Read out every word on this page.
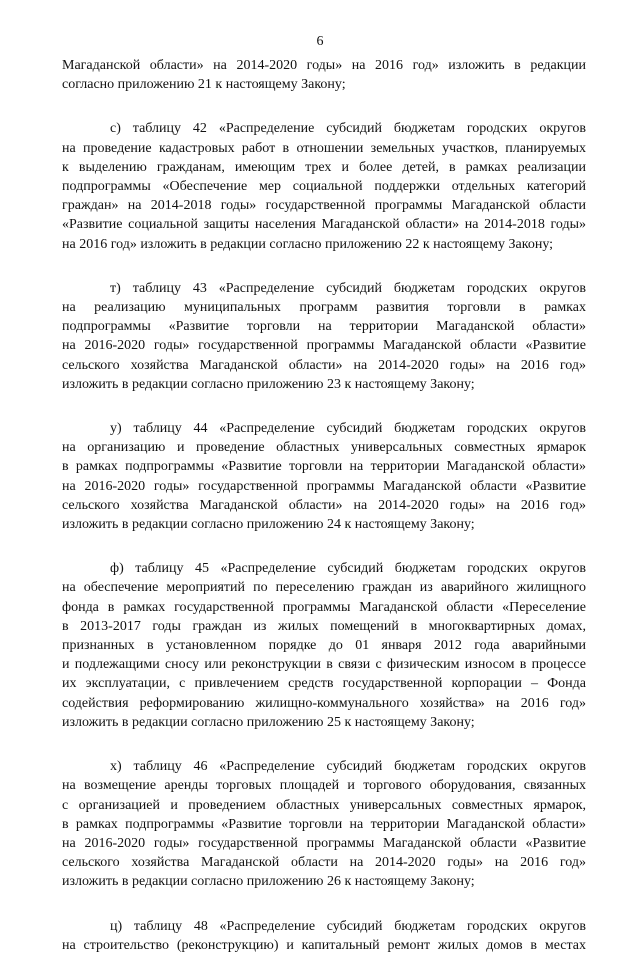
6
Магаданской области» на 2014-2020 годы» на 2016 год» изложить в редакции
согласно приложению 21 к настоящему Закону;
с) таблицу 42 «Распределение субсидий бюджетам городских округов
на проведение кадастровых работ в отношении земельных участков, планируемых
к выделению гражданам, имеющим трех и более детей, в рамках реализации
подпрограммы «Обеспечение мер социальной поддержки отдельных категорий
граждан» на 2014-2018 годы» государственной программы Магаданской области
«Развитие социальной защиты населения Магаданской области» на 2014-2018 годы»
на 2016 год» изложить в редакции согласно приложению 22 к настоящему Закону;
т) таблицу 43 «Распределение субсидий бюджетам городских округов
на реализацию муниципальных программ развития торговли в рамках
подпрограммы «Развитие торговли на территории Магаданской области»
на 2016-2020 годы» государственной программы Магаданской области «Развитие
сельского хозяйства Магаданской области» на 2014-2020 годы» на 2016 год»
изложить в редакции согласно приложению 23 к настоящему Закону;
у) таблицу 44 «Распределение субсидий бюджетам городских округов
на организацию и проведение областных универсальных совместных ярмарок
в рамках подпрограммы «Развитие торговли на территории Магаданской области»
на 2016-2020 годы» государственной программы Магаданской области «Развитие
сельского хозяйства Магаданской области» на 2014-2020 годы» на 2016 год»
изложить в редакции согласно приложению 24 к настоящему Закону;
ф) таблицу 45 «Распределение субсидий бюджетам городских округов
на обеспечение мероприятий по переселению граждан из аварийного жилищного
фонда в рамках государственной программы Магаданской области «Переселение
в 2013-2017 годы граждан из жилых помещений в многоквартирных домах,
признанных в установленном порядке до 01 января 2012 года аварийными
и подлежащими сносу или реконструкции в связи с физическим износом в процессе
их эксплуатации, с привлечением средств государственной корпорации – Фонда
содействия реформированию жилищно-коммунального хозяйства» на 2016 год»
изложить в редакции согласно приложению 25 к настоящему Закону;
х) таблицу 46 «Распределение субсидий бюджетам городских округов
на возмещение аренды торговых площадей и торгового оборудования, связанных
с организацией и проведением областных универсальных совместных ярмарок,
в рамках подпрограммы «Развитие торговли на территории Магаданской области»
на 2016-2020 годы» государственной программы Магаданской области «Развитие
сельского хозяйства Магаданской области на 2014-2020 годы» на 2016 год»
изложить в редакции согласно приложению 26 к настоящему Закону;
ц) таблицу 48 «Распределение субсидий бюджетам городских округов
на строительство (реконструкцию) и капитальный ремонт жилых домов в местах
